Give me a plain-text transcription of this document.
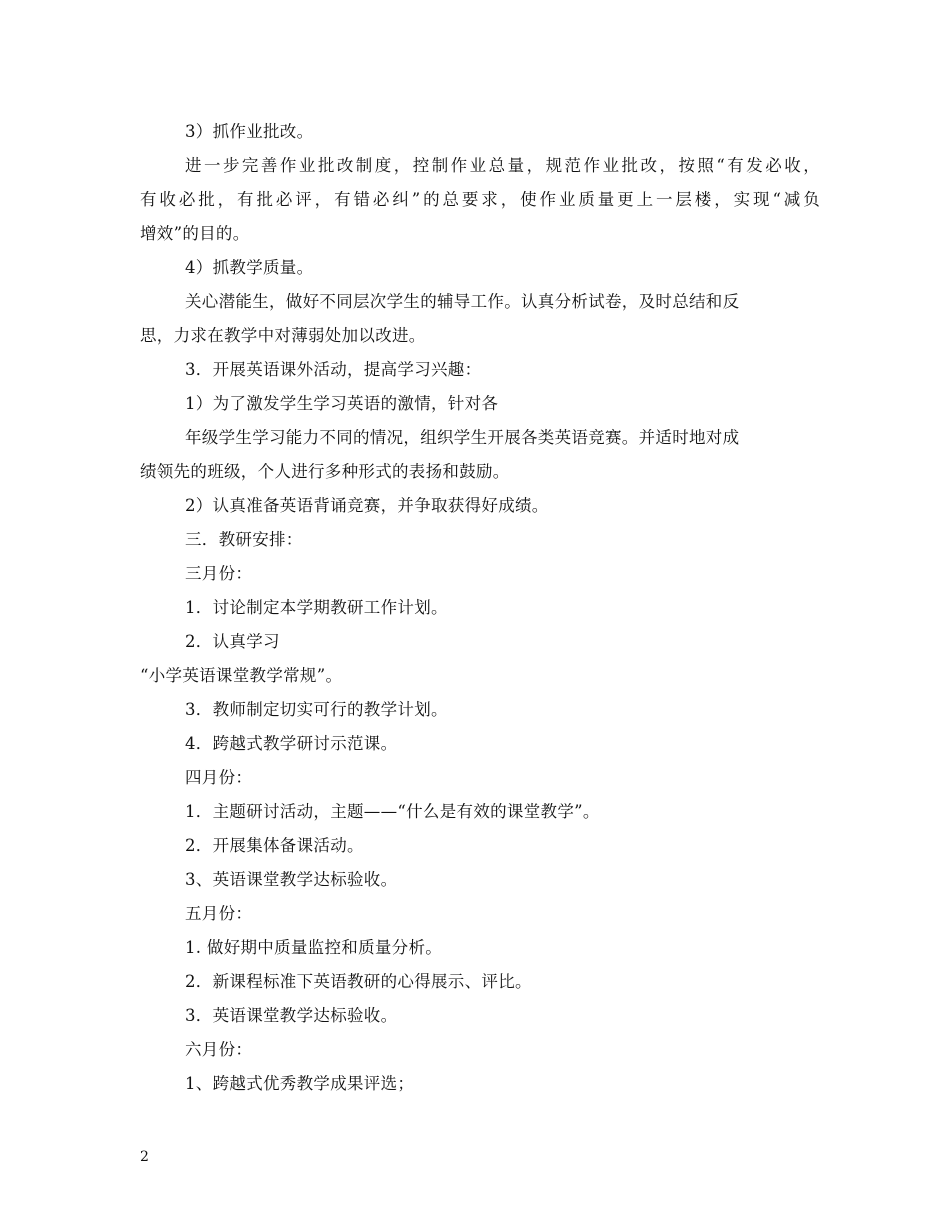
3）抓作业批改。
进一步完善作业批改制度，控制作业总量，规范作业批改，按照“有发必收，
有收必批，有批必评，有错必纠”的总要求，使作业质量更上一层楼，实现“减负
增效”的目的。
4）抓教学质量。
关心潜能生，做好不同层次学生的辅导工作。认真分析试卷，及时总结和反
思，力求在教学中对薄弱处加以改进。
3．开展英语课外活动，提高学习兴趣：
1）为了激发学生学习英语的激情，针对各
年级学生学习能力不同的情况，组织学生开展各类英语竞赛。并适时地对成
绩领先的班级，个人进行多种形式的表扬和鼓励。
2）认真准备英语背诵竞赛，并争取获得好成绩。
三．教研安排：
三月份：
1．讨论制定本学期教研工作计划。
2．认真学习
“小学英语课堂教学常规”。
3．教师制定切实可行的教学计划。
4．跨越式教学研讨示范课。
四月份：
1．主题研讨活动，主题——“什么是有效的课堂教学”。
2．开展集体备课活动。
3、英语课堂教学达标验收。
五月份：
1. 做好期中质量监控和质量分析。
2．新课程标准下英语教研的心得展示、评比。
3．英语课堂教学达标验收。
六月份：
1、跨越式优秀教学成果评选；
2
